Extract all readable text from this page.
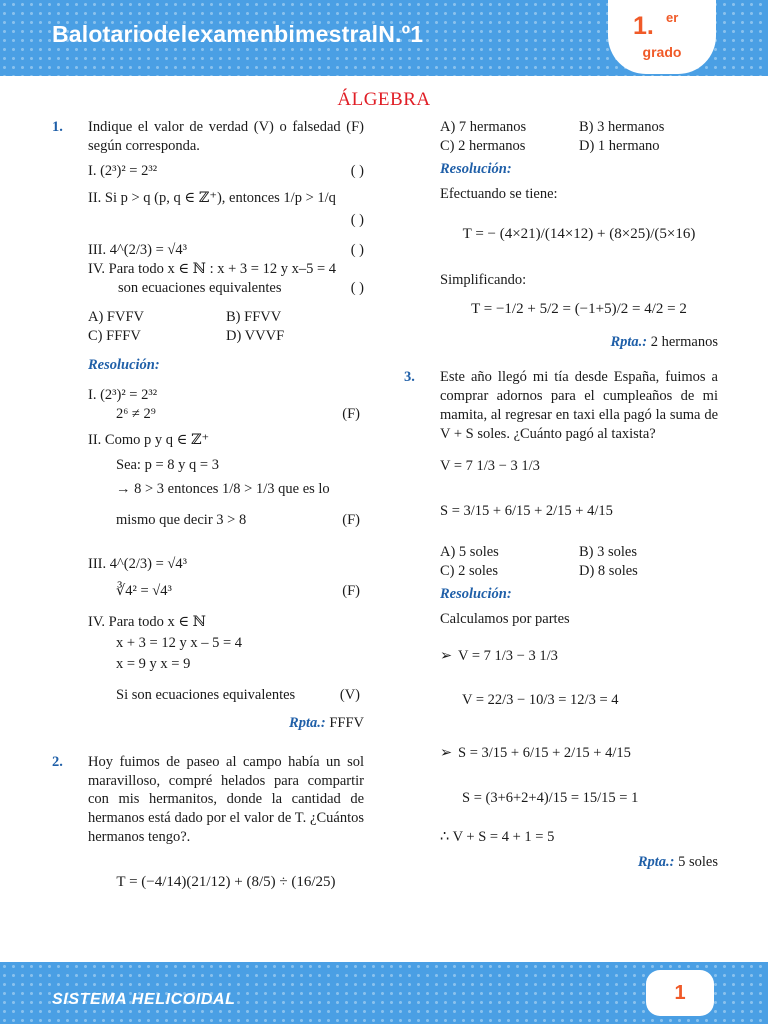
BalotariodelexamenbimestralN.º1	1. er
grado
ÁLGEBRA
1. Indique el valor de verdad (V) o falsedad (F) según corresponda.
I. (2³)² = 2³²	( )
II. Si p > q (p, q ∈ ℤ⁺), entonces 1/p > 1/q
( )
III. 4^(2/3) = √4³	( )
IV. Para todo x ∈ ℕ : x + 3 = 12 y x–5 = 4
son ecuaciones equivalentes	( )
A) FVFV	B) FFVV
C) FFFV	D) VVVF
Resolución:
I. (2³)² = 2³²
2⁶ ≠ 2⁹	(F)
II. Como p y q ∈ ℤ⁺
Sea: p = 8 y q = 3
→ 8 > 3 entonces 1/8 > 1/3 que es lo
mismo que decir 3 > 8	(F)
III. 4^(2/3) = √4³
∛4² = √4³	(F)
IV. Para todo x ∈ ℕ
x + 3 = 12 y x – 5 = 4
x = 9 y x = 9
Si son ecuaciones equivalentes	(V)
Rpta.: FFFV
2. Hoy fuimos de paseo al campo había un sol maravilloso, compré helados para compartir con mis hermanitos, donde la cantidad de hermanos está dado por el valor de T. ¿Cuántos hermanos tengo?.
T = (−4/14)(21/12) + (8/5) ÷ (16/25)
A) 7 hermanos	B) 3 hermanos
C) 2 hermanos	D) 1 hermano
Resolución:
Efectuando se tiene:
T = − (4×21)/(14×12) + (8×25)/(5×16)
Simplificando:
T = −1/2 + 5/2 = (−1+5)/2 = 4/2 = 2
Rpta.: 2 hermanos
3. Este año llegó mi tía desde España, fuimos a comprar adornos para el cumpleaños de mi mamita, al regresar en taxi ella pagó la suma de V + S soles. ¿Cuánto pagó al taxista?
V = 7 1/3 − 3 1/3
S = 3/15 + 6/15 + 2/15 + 4/15
A) 5 soles	B) 3 soles
C) 2 soles	D) 8 soles
Resolución:
Calculamos por partes
➢ V = 7 1/3 − 3 1/3
V = 22/3 − 10/3 = 12/3 = 4
➢ S = 3/15 + 6/15 + 2/15 + 4/15
S = (3+6+2+4)/15 = 15/15 = 1
∴ V + S = 4 + 1 = 5
Rpta.: 5 soles
SISTEMA HELICOIDAL	1
